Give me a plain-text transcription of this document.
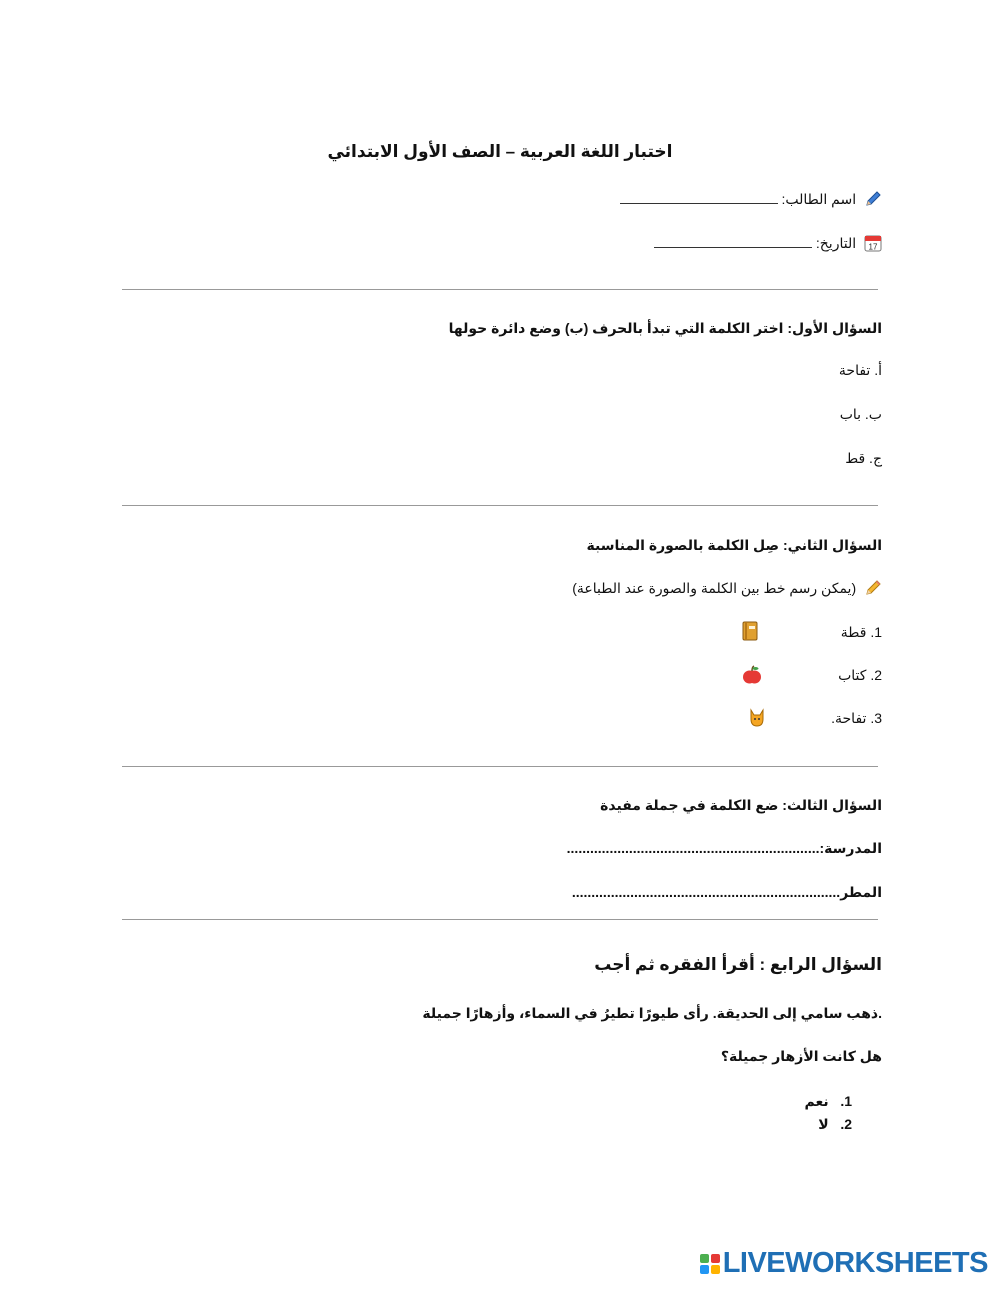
اختبار اللغة العربية – الصف الأول الابتدائي
اسم الطالب:
17
التاريخ:
السؤال الأول: اختر الكلمة التي تبدأ بالحرف (ب) وضع دائرة حولها
أ. تفاحة
ب. باب
ج. قط
السؤال الثاني: صِل الكلمة بالصورة المناسبة
(يمكن رسم خط بين الكلمة والصورة عند الطباعة)
1. قطة
2. كتاب
3. تفاحة.
السؤال الثالث: ضع الكلمة في جملة مفيدة
المدرسة:.................................................................
المطر.....................................................................
السؤال الرابع : أقرأ الفقره ثم أجب
.ذهب سامي إلى الحديقة. رأى طيورًا تطيرُ في السماء، وأزهارًا جميلة
هل كانت الأزهار جميلة؟
1.   نعم
2.   لا
LIVEWORKSHEETS
